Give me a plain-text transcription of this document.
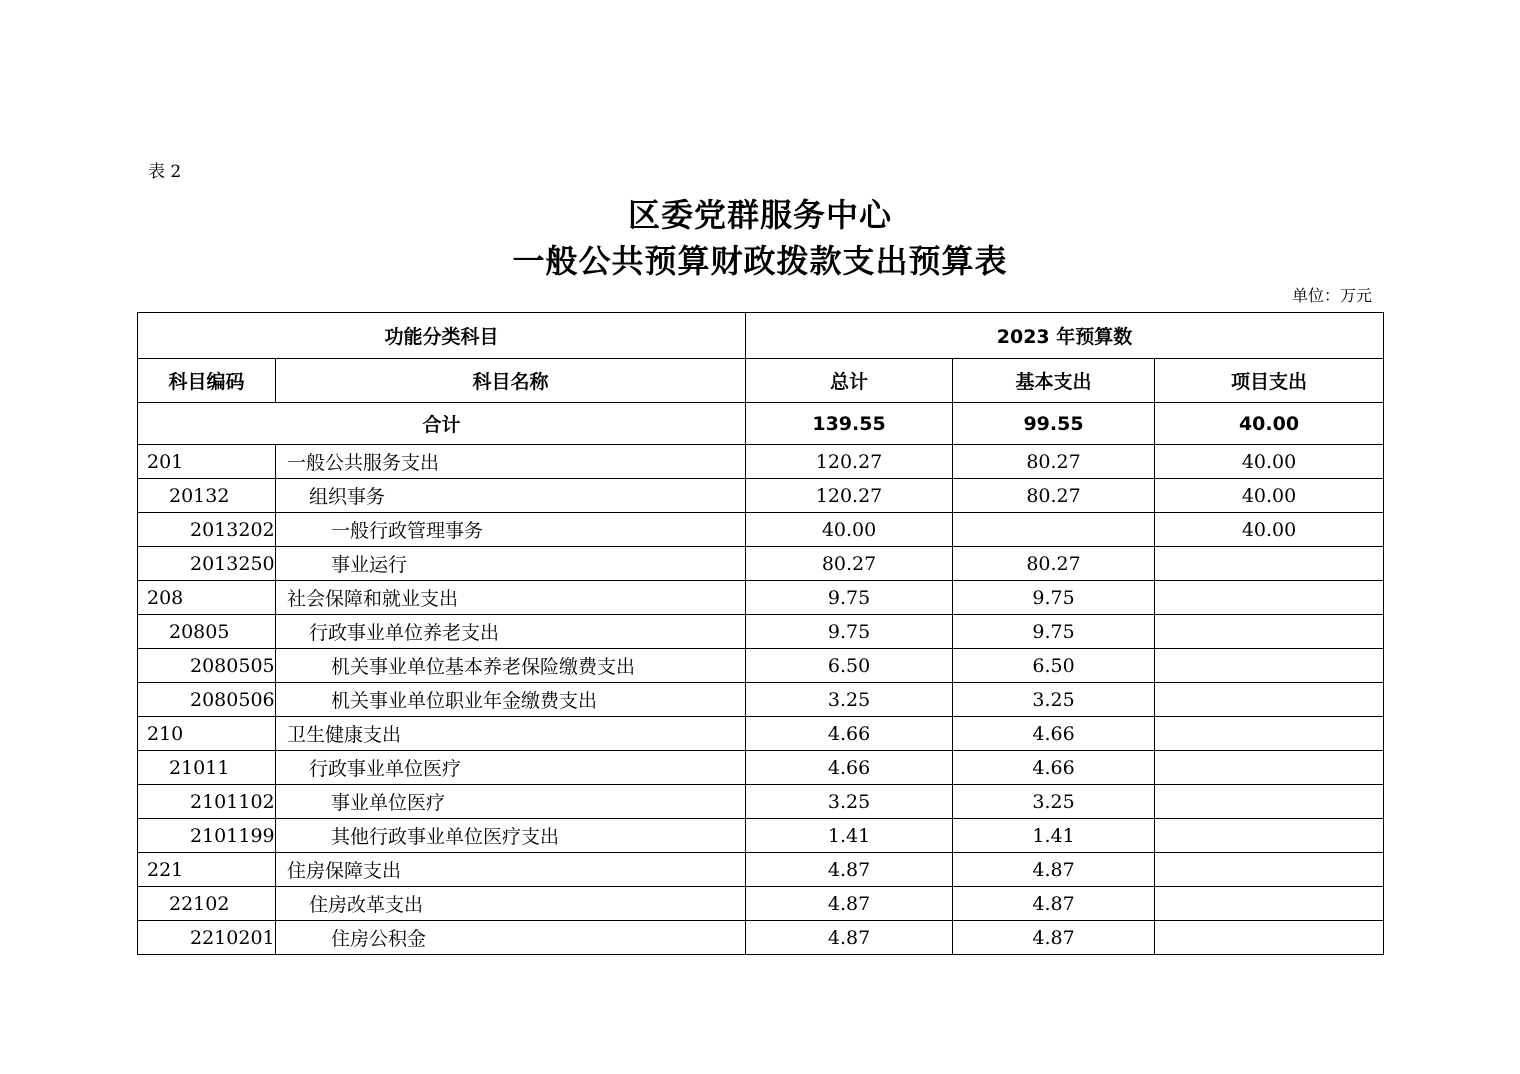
表 2
区委党群服务中心
一般公共预算财政拨款支出预算表
单位：万元
功能分类科目		2023 年预算数		
科目编码	科目名称	总计	基本支出	项目支出
合计		139.55	99.55	40.00
201	一般公共服务支出	120.27	80.27	40.00
20132	组织事务	120.27	80.27	40.00
2013202	一般行政管理事务	40.00		40.00
2013250	事业运行	80.27	80.27	
208	社会保障和就业支出	9.75	9.75	
20805	行政事业单位养老支出	9.75	9.75	
2080505	机关事业单位基本养老保险缴费支出	6.50	6.50	
2080506	机关事业单位职业年金缴费支出	3.25	3.25	
210	卫生健康支出	4.66	4.66	
21011	行政事业单位医疗	4.66	4.66	
2101102	事业单位医疗	3.25	3.25	
2101199	其他行政事业单位医疗支出	1.41	1.41	
221	住房保障支出	4.87	4.87	
22102	住房改革支出	4.87	4.87	
2210201	住房公积金	4.87	4.87	
